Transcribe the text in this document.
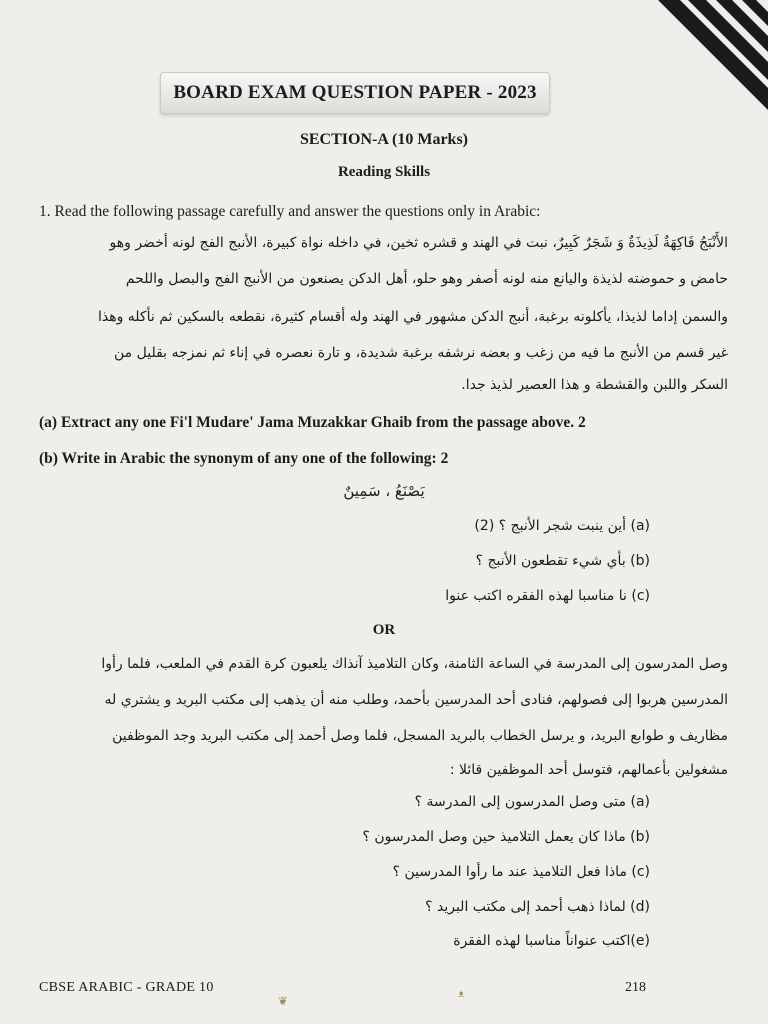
BOARD EXAM QUESTION PAPER - 2023
SECTION-A (10 Marks)
Reading Skills
1. Read the following passage carefully and answer the questions only in Arabic:
الأَنْبَجُ فَاكِهَةٌ لَذِيذَةٌ وَ شَجَرٌ كَبِيرٌ، نبت في الهند و قشره ثخين، في داخله نواة كبيرة، الأنبج الفج لونه أخضر وهو
حامض و حموضته لذيذة واليانع منه لونه أصفر وهو حلو، أهل الدكن يصنعون من الأنبج الفج والبصل واللحم
والسمن إداما لذيذا، يأكلونه برغبة، أنبج الدكن مشهور في الهند وله أقسام كثيرة، نقطعه بالسكين ثم نأكله وهذا
غير قسم من الأنبج ما فيه من زغب و بعضه نرشفه برغبة شديدة، و تارة نعصره في إناء ثم نمزجه بقليل من
السكر واللبن والقشطة و هذا العصير لذيذ جدا.
(a) Extract any one Fi'l Mudare' Jama Muzakkar Ghaib from the passage above. 2
(b) Write in Arabic the synonym of any one of the following: 2
يَصْنَعُ ، سَمِينٌ
(a) أين ينبت شجر الأنبج ؟ (2)
(b) بأي شيء تقطعون الأنبج ؟
(c) نا مناسبا لهذه الفقره اكتب عنوا
OR
وصل المدرسون إلى المدرسة في الساعة الثامنة، وكان التلاميذ آنذاك يلعبون كرة القدم في الملعب، فلما رأوا
المدرسين هربوا إلى فصولهم، فنادى أحد المدرسين بأحمد، وطلب منه أن يذهب إلى مكتب البريد و يشتري له
مظاريف و طوابع البريد، و يرسل الخطاب بالبريد المسجل، فلما وصل أحمد إلى مكتب البريد وجد الموظفين
مشغولين بأعمالهم، فتوسل أحد الموظفين قائلا :
(a) متى وصل المدرسون إلى المدرسة ؟
(b) ماذا كان يعمل التلاميذ حين وصل المدرسون ؟
(c) ماذا فعل التلاميذ عند ما رأوا المدرسين ؟
(d) لماذا ذهب أحمد إلى مكتب البريد ؟
(e)اكتب عنواناً مناسبا لهذه الفقرة
❦
ᴥ
CBSE ARABIC - GRADE 10	218
